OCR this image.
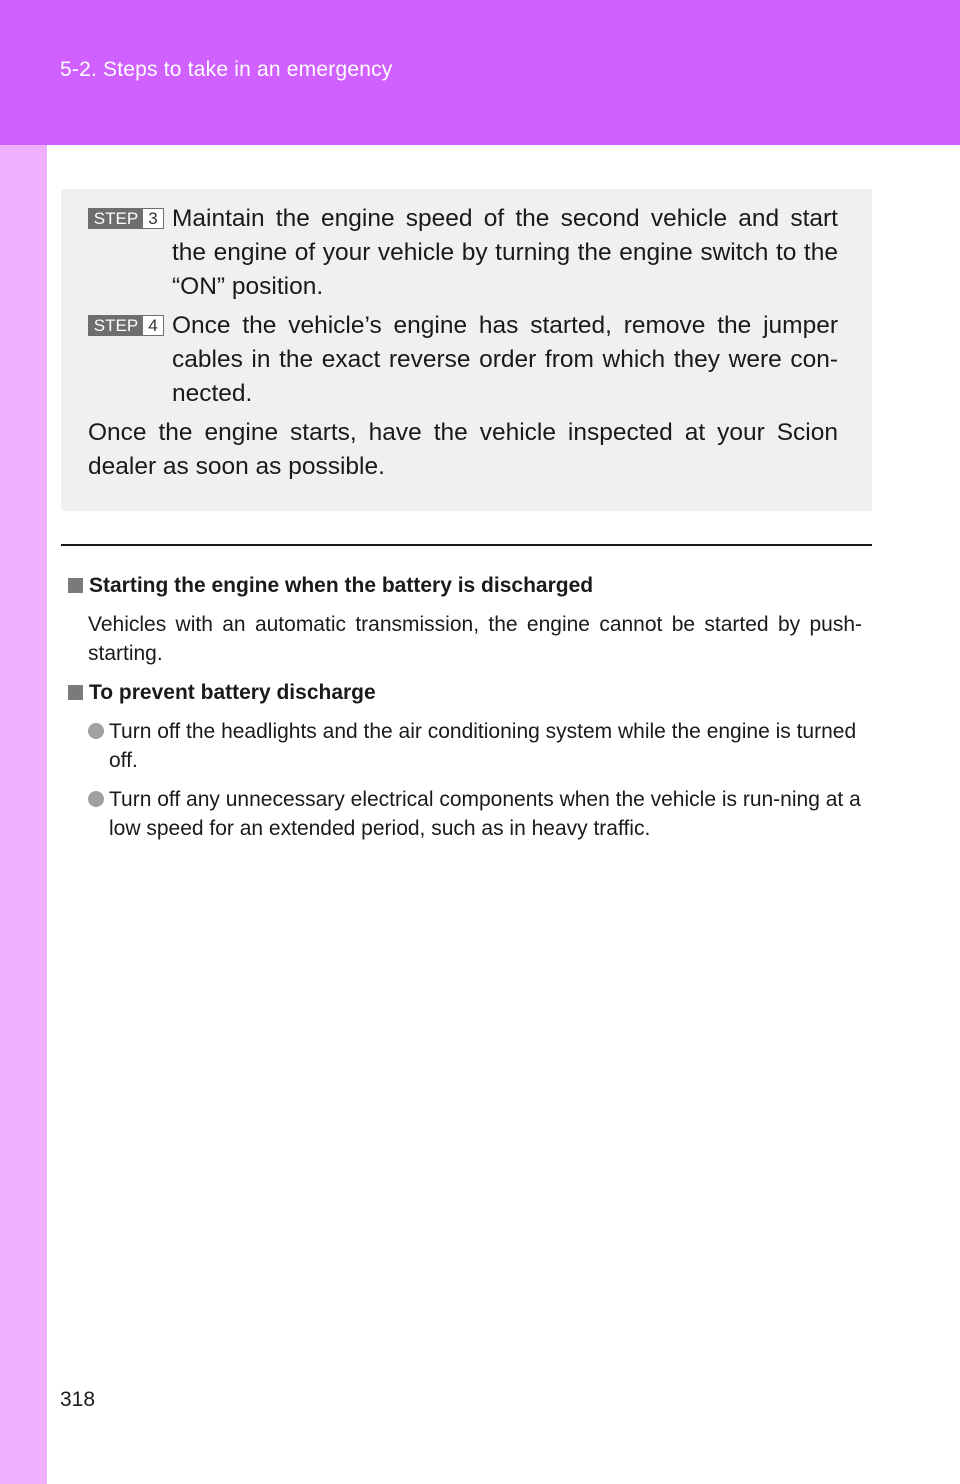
5-2. Steps to take in an emergency
STEP 3 Maintain the engine speed of the second vehicle and start the engine of your vehicle by turning the engine switch to the “ON” position.
STEP 4 Once the vehicle’s engine has started, remove the jumper cables in the exact reverse order from which they were con-nected.
Once the engine starts, have the vehicle inspected at your Scion dealer as soon as possible.
Starting the engine when the battery is discharged
Vehicles with an automatic transmission, the engine cannot be started by push-starting.
To prevent battery discharge
Turn off the headlights and the air conditioning system while the engine is turned off.
Turn off any unnecessary electrical components when the vehicle is run-ning at a low speed for an extended period, such as in heavy traffic.
318
